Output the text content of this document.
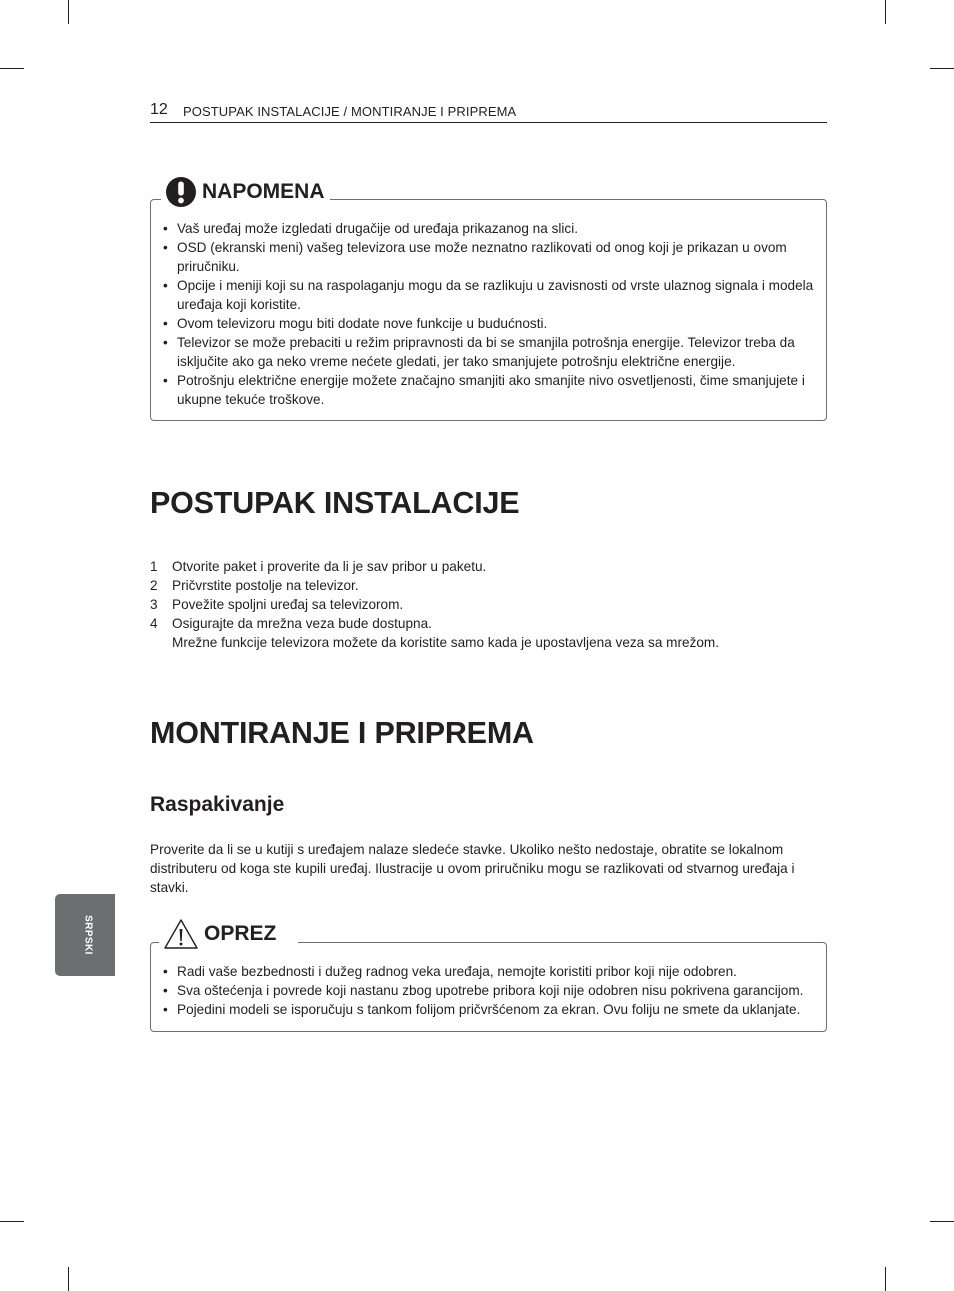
12 POSTUPAK INSTALACIJE / MONTIRANJE I PRIPREMA
NAPOMENA
• Vaš uređaj može izgledati drugačije od uređaja prikazanog na slici.
• OSD (ekranski meni) vašeg televizora use može neznatno razlikovati od onog koji je prikazan u ovom priručniku.
• Opcije i meniji koji su na raspolaganju mogu da se razlikuju u zavisnosti od vrste ulaznog signala i modela uređaja koji koristite.
• Ovom televizoru mogu biti dodate nove funkcije u budućnosti.
• Televizor se može prebaciti u režim pripravnosti da bi se smanjila potrošnja energije. Televizor treba da isključite ako ga neko vreme nećete gledati, jer tako smanjujete potrošnju električne energije.
• Potrošnju električne energije možete značajno smanjiti ako smanjite nivo osvetljenosti, čime smanjujete i ukupne tekuće troškove.
POSTUPAK INSTALACIJE
1 Otvorite paket i proverite da li je sav pribor u paketu.
2 Pričvrstite postolje na televizor.
3 Povežite spoljni uređaj sa televizorom.
4 Osigurajte da mrežna veza bude dostupna.
Mrežne funkcije televizora možete da koristite samo kada je upostavljena veza sa mrežom.
MONTIRANJE I PRIPREMA
Raspakivanje

Proverite da li se u kutiji s uređajem nalaze sledeće stavke. Ukoliko nešto nedostaje, obratite se lokalnom distributeru od koga ste kupili uređaj. Ilustracije u ovom priručniku mogu se razlikovati od stvarnog uređaja i stavki.

OPREZ
• Radi vaše bezbednosti i dužeg radnog veka uređaja, nemojte koristiti pribor koji nije odobren.
• Sva oštećenja i povrede koji nastanu zbog upotrebe pribora koji nije odobren nisu pokrivena garancijom.
• Pojedini modeli se isporučuju s tankom folijom pričvršćenom za ekran. Ovu foliju ne smete da uklanjate.
SRPSKI
